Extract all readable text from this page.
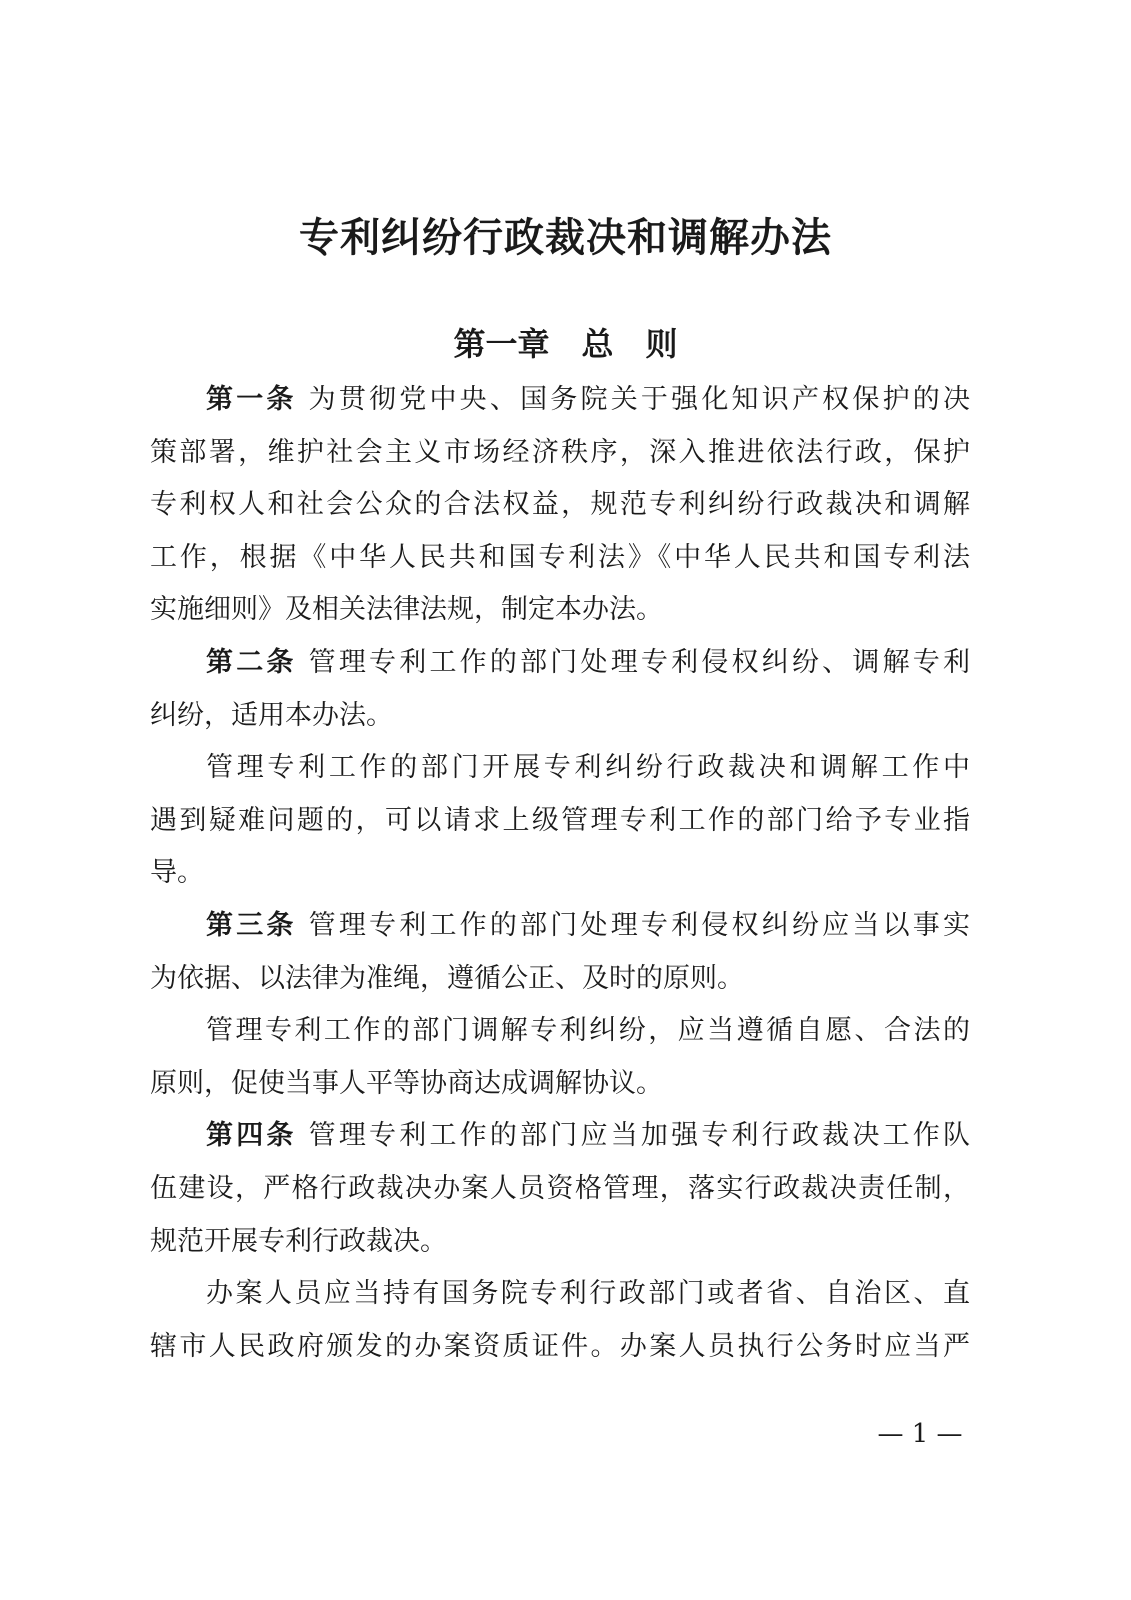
专利纠纷行政裁决和调解办法
第一章　总　则
第一条 为贯彻党中央、国务院关于强化知识产权保护的决
策部署，维护社会主义市场经济秩序，深入推进依法行政，保护
专利权人和社会公众的合法权益，规范专利纠纷行政裁决和调解
工作，根据《中华人民共和国专利法》《中华人民共和国专利法
实施细则》及相关法律法规，制定本办法。
第二条 管理专利工作的部门处理专利侵权纠纷、调解专利
纠纷，适用本办法。
管理专利工作的部门开展专利纠纷行政裁决和调解工作中
遇到疑难问题的，可以请求上级管理专利工作的部门给予专业指
导。
第三条 管理专利工作的部门处理专利侵权纠纷应当以事实
为依据、以法律为准绳，遵循公正、及时的原则。
管理专利工作的部门调解专利纠纷，应当遵循自愿、合法的
原则，促使当事人平等协商达成调解协议。
第四条 管理专利工作的部门应当加强专利行政裁决工作队
伍建设，严格行政裁决办案人员资格管理，落实行政裁决责任制，
规范开展专利行政裁决。
办案人员应当持有国务院专利行政部门或者省、自治区、直
辖市人民政府颁发的办案资质证件。办案人员执行公务时应当严
— 1 —
